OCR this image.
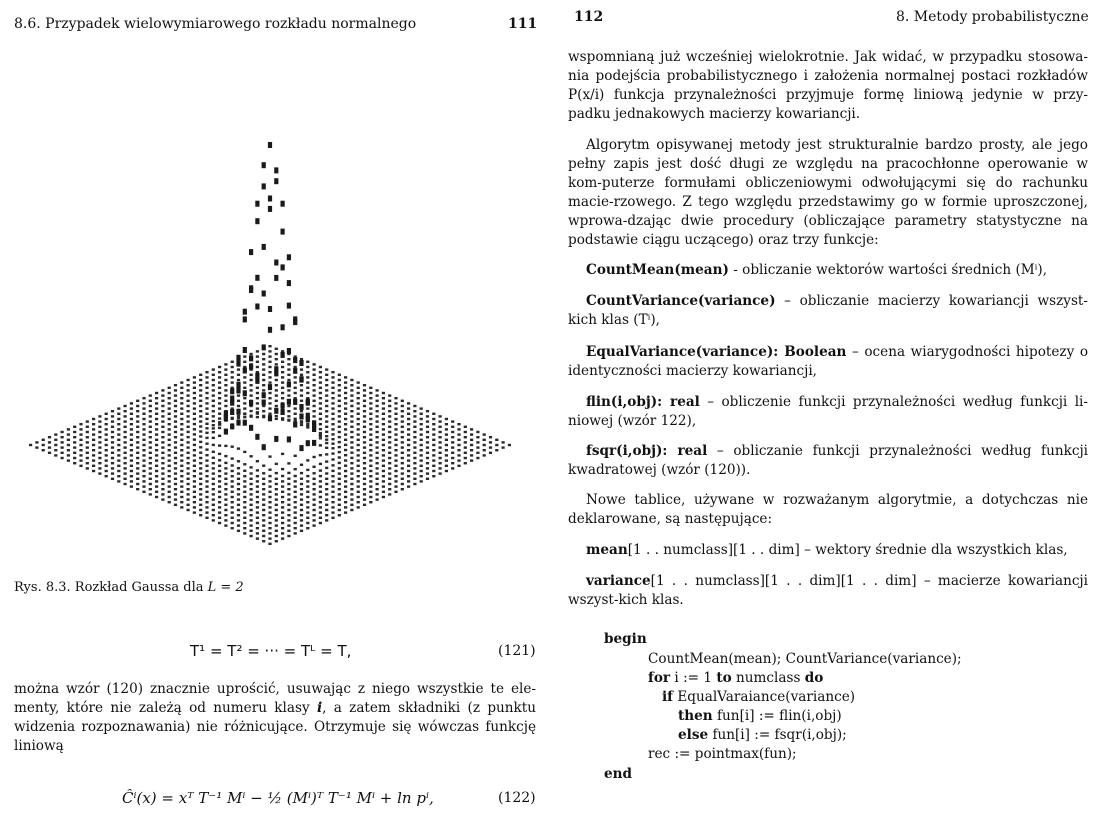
8.6. Przypadek wielowymiarowego rozkładu normalnego	111
Rys. 8.3. Rozkład Gaussa dla L = 2
T¹ = T² = ··· = Tᴸ = T,	(121)
można wzór (120) znacznie uprościć, usuwając z niego wszystkie te ele-menty, które nie zależą od numeru klasy i, a zatem składniki (z punktu widzenia rozpoznawania) nie różnicujące. Otrzymuje się wówczas funkcję liniową
Ĉⁱ(x) = xᵀ T⁻¹ Mⁱ − ½ (Mⁱ)ᵀ T⁻¹ Mⁱ + ln pⁱ,	(122)
112	8. Metody probabilistyczne
wspomnianą już wcześniej wielokrotnie. Jak widać, w przypadku stosowa-nia podejścia probabilistycznego i założenia normalnej postaci rozkładów P(x/i) funkcja przynależności przyjmuje formę liniową jedynie w przy-padku jednakowych macierzy kowariancji.
Algorytm opisywanej metody jest strukturalnie bardzo prosty, ale jego pełny zapis jest dość długi ze względu na pracochłonne operowanie w kom-puterze formułami obliczeniowymi odwołującymi się do rachunku macie-rzowego. Z tego względu przedstawimy go w formie uproszczonej, wprowa-dzając dwie procedury (obliczające parametry statystyczne na podstawie ciągu uczącego) oraz trzy funkcje:
CountMean(mean) - obliczanie wektorów wartości średnich (Mⁱ),
CountVariance(variance) – obliczanie macierzy kowariancji wszyst-kich klas (Tⁱ),
EqualVariance(variance): Boolean – ocena wiarygodności hipotezy o identyczności macierzy kowariancji,
flin(i,obj): real – obliczenie funkcji przynależności według funkcji li-niowej (wzór 122),
fsqr(i,obj): real – obliczanie funkcji przynależności według funkcji kwadratowej (wzór (120)).
Nowe tablice, używane w rozważanym algorytmie, a dotychczas nie deklarowane, są następujące:
mean[1 . . numclass][1 . . dim] – wektory średnie dla wszystkich klas,
variance[1 . . numclass][1 . . dim][1 . . dim] – macierze kowariancji wszyst-kich klas.
begin
CountMean(mean); CountVariance(variance);
for i := 1 to numclass do
if EqualVaraiance(variance)
then fun[i] := flin(i,obj)
else fun[i] := fsqr(i,obj);
rec := pointmax(fun);
end
